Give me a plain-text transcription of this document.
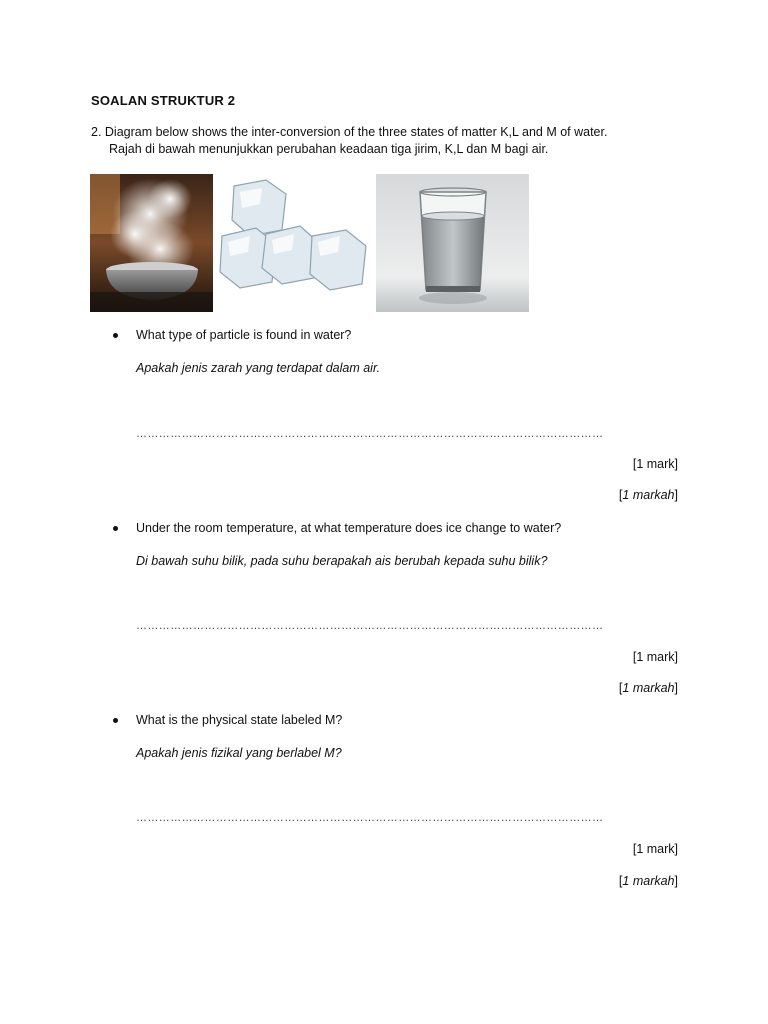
SOALAN STRUKTUR 2
2. Diagram below shows the inter-conversion of the three states of matter K,L and M of water.
Rajah di bawah menunjukkan perubahan keadaan tiga jirim, K,L dan M bagi air.
What type of particle is found in water?
Apakah jenis zarah yang terdapat dalam air.
……………………………………………………………………………………………………………
[1 mark]
[1 markah]
Under the room temperature, at what temperature does ice change to water?
Di bawah suhu bilik, pada suhu berapakah ais berubah kepada suhu bilik?
……………………………………………………………………………………………………………
[1 mark]
[1 markah]
What is the physical state labeled M?
Apakah jenis fizikal yang berlabel M?
……………………………………………………………………………………………………………
[1 mark]
[1 markah]
